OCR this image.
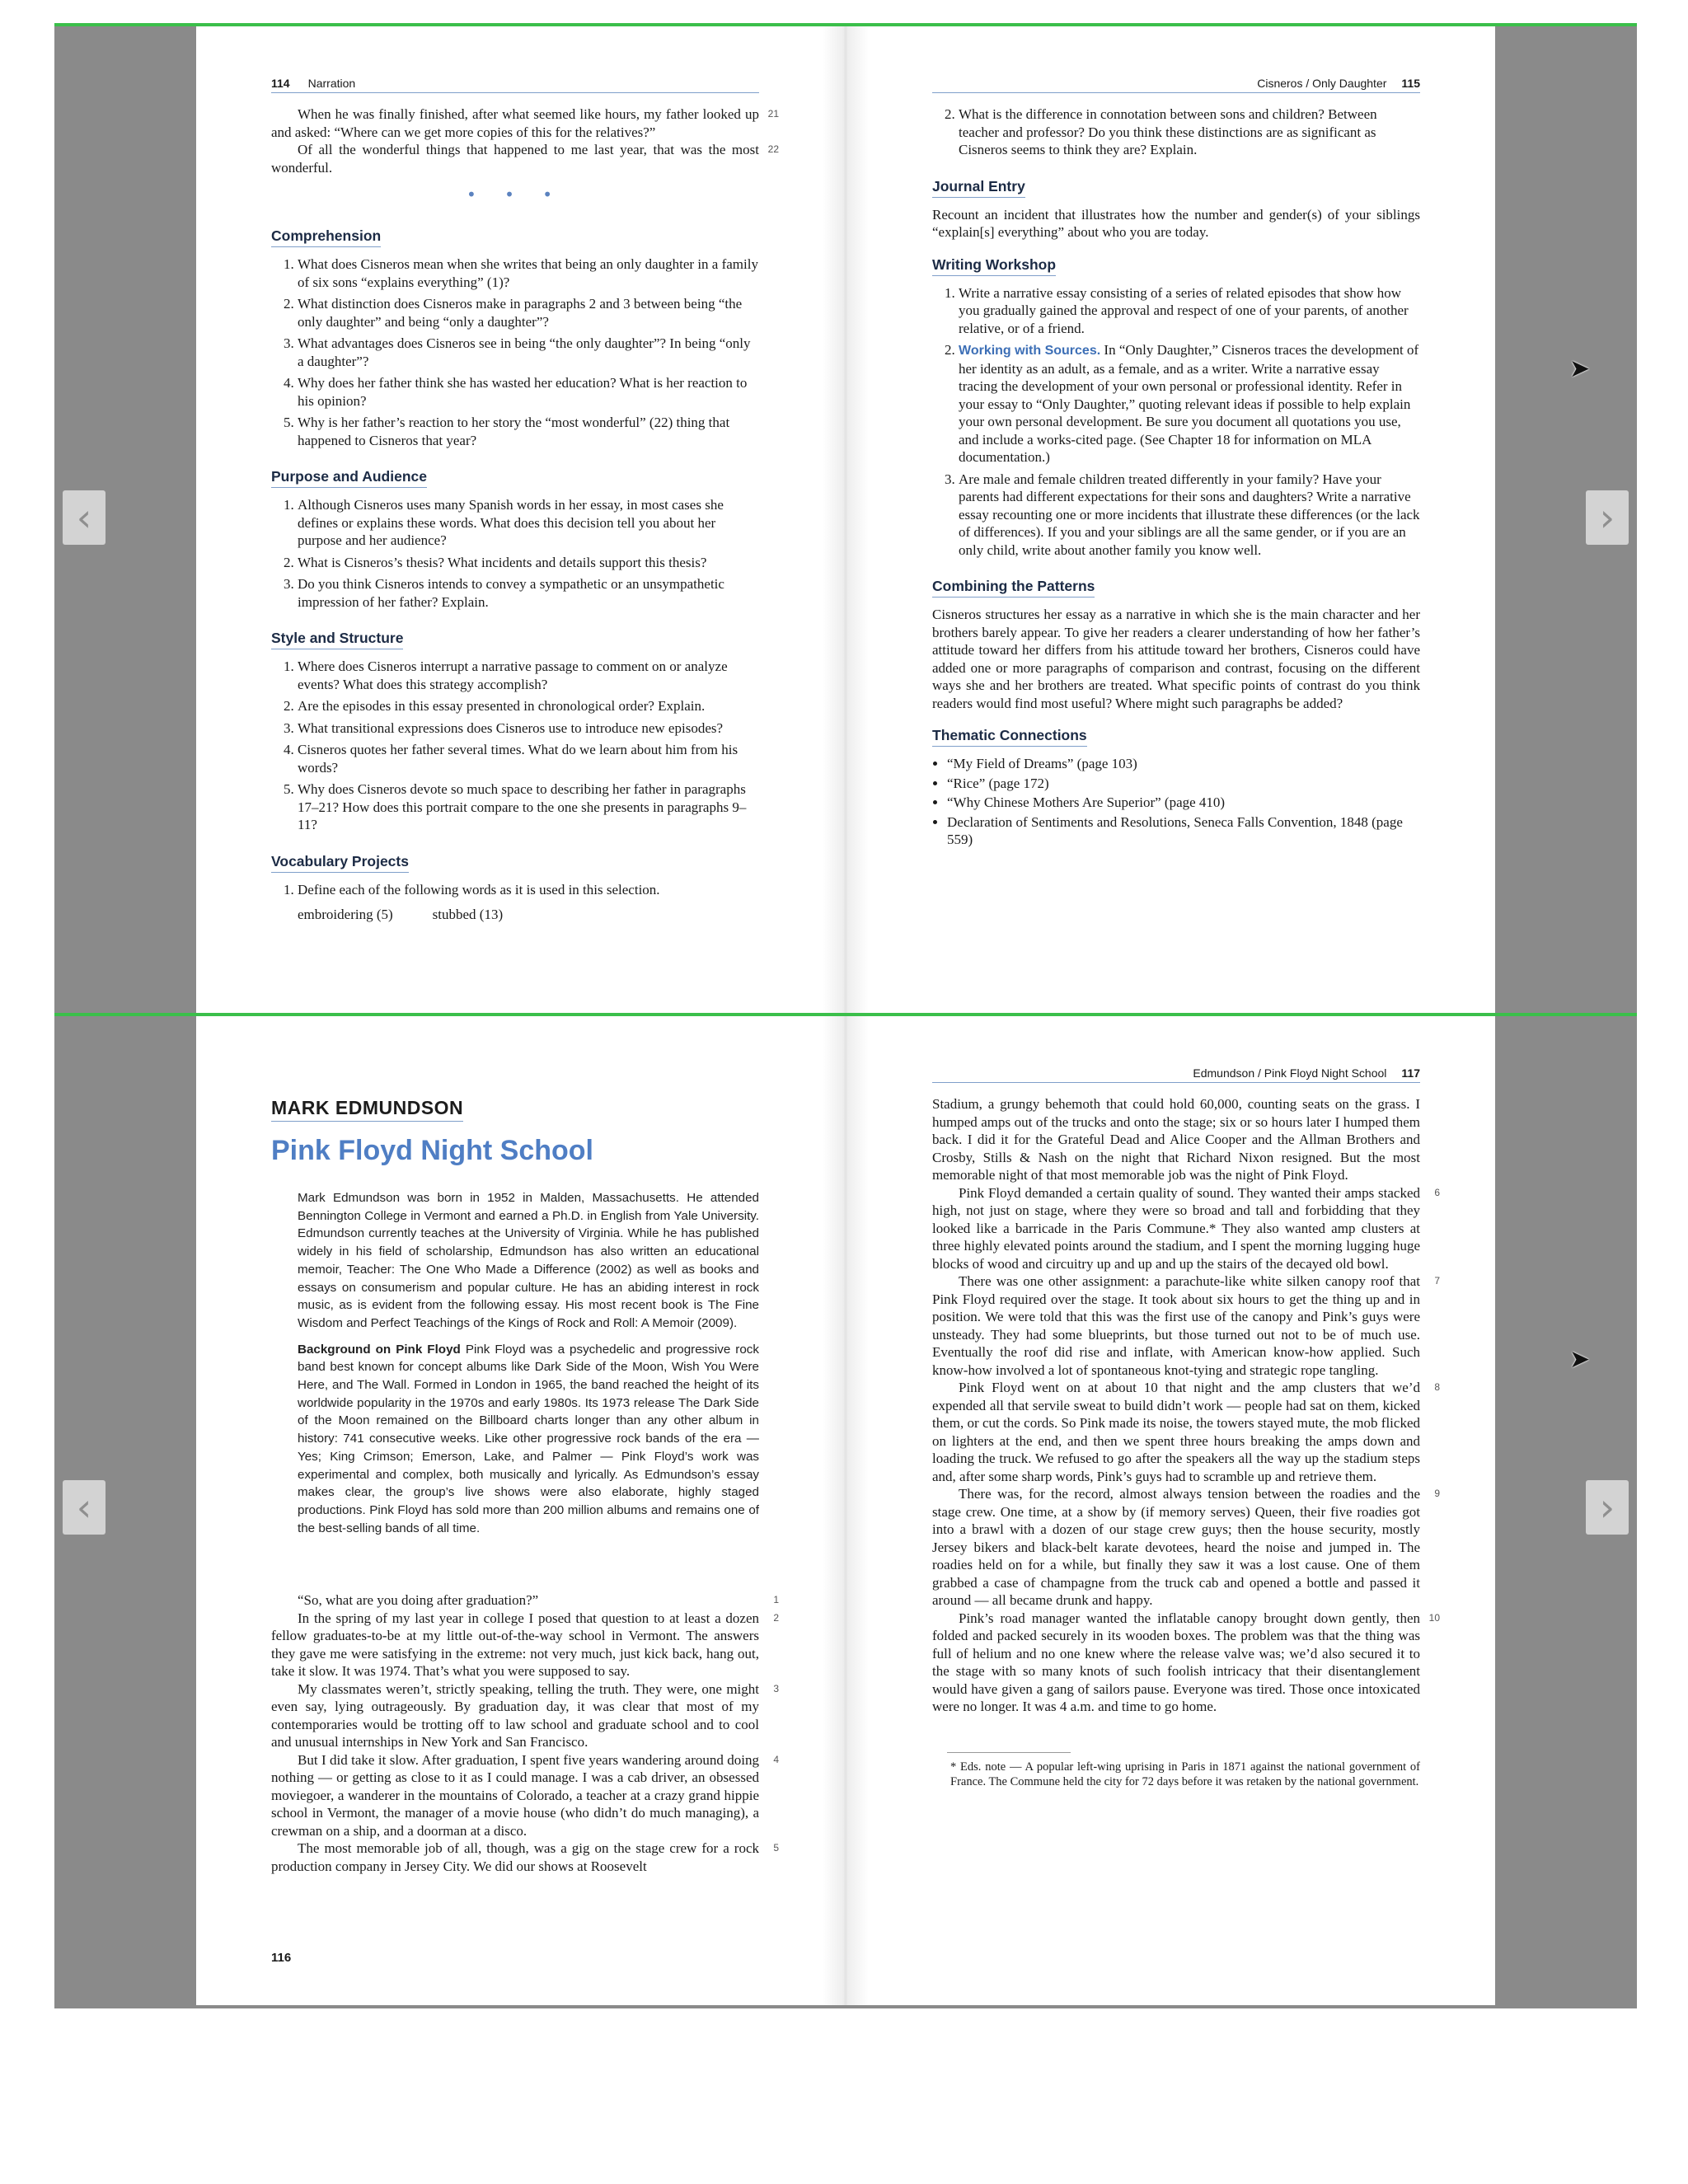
‹	›
114 Narration

When he was finally finished, after what seemed like hours, my father looked up and asked: “Where can we get more copies of this for the relatives?”
21

Of all the wonderful things that happened to me last year, that was the most wonderful.
22

• • •
Comprehension
1. What does Cisneros mean when she writes that being an only daughter in a family of six sons “explains everything” (1)?
2. What distinction does Cisneros make in paragraphs 2 and 3 between being “the only daughter” and being “only a daughter”?
3. What advantages does Cisneros see in being “the only daughter”? In being “only a daughter”?
4. Why does her father think she has wasted her education? What is her reaction to his opinion?
5. Why is her father’s reaction to her story the “most wonderful” (22) thing that happened to Cisneros that year?
Purpose and Audience
1. Although Cisneros uses many Spanish words in her essay, in most cases she defines or explains these words. What does this decision tell you about her purpose and her audience?
2. What is Cisneros’s thesis? What incidents and details support this thesis?
3. Do you think Cisneros intends to convey a sympathetic or an unsympathetic impression of her father? Explain.
Style and Structure
1. Where does Cisneros interrupt a narrative passage to comment on or analyze events? What does this strategy accomplish?
2. Are the episodes in this essay presented in chronological order? Explain.
3. What transitional expressions does Cisneros use to introduce new episodes?
4. Cisneros quotes her father several times. What do we learn about him from his words?
5. Why does Cisneros devote so much space to describing her father in paragraphs 17–21? How does this portrait compare to the one she presents in paragraphs 9–11?
Vocabulary Projects
1. Define each of the following words as it is used in this selection.
embroidering (5)	stubbed (13)
Cisneros / Only Daughter 115
2. What is the difference in connotation between sons and children? Between teacher and professor? Do you think these distinctions are as significant as Cisneros seems to think they are? Explain.
Journal Entry

Recount an incident that illustrates how the number and gender(s) of your siblings “explain[s] everything” about who you are today.

Writing Workshop
1. Write a narrative essay consisting of a series of related episodes that show how you gradually gained the approval and respect of one of your parents, of another relative, or of a friend.
2. Working with Sources. In “Only Daughter,” Cisneros traces the development of her identity as an adult, as a female, and as a writer. Write a narrative essay tracing the development of your own personal or professional identity. Refer in your essay to “Only Daughter,” quoting relevant ideas if possible to help explain your own personal development. Be sure you document all quotations you use, and include a works-cited page. (See Chapter 18 for information on MLA documentation.)
3. Are male and female children treated differently in your family? Have your parents had different expectations for their sons and daughters? Write a narrative essay recounting one or more incidents that illustrate these differences (or the lack of differences). If you and your siblings are all the same gender, or if you are an only child, write about another family you know well.
Combining the Patterns

Cisneros structures her essay as a narrative in which she is the main character and her brothers barely appear. To give her readers a clearer understanding of how her father’s attitude toward her differs from his attitude toward her brothers, Cisneros could have added one or more paragraphs of comparison and contrast, focusing on the different ways she and her brothers are treated. What specific points of contrast do you think readers would find most useful? Where might such paragraphs be added?

Thematic Connections
• “My Field of Dreams” (page 103)
• “Rice” (page 172)
• “Why Chinese Mothers Are Superior” (page 410)
• Declaration of Sentiments and Resolutions, Seneca Falls Convention, 1848 (page 559)
➤
‹	›
MARK EDMUNDSON
Pink Floyd Night School

Mark Edmundson was born in 1952 in Malden, Massachusetts. He attended Bennington College in Vermont and earned a Ph.D. in English from Yale University. Edmundson currently teaches at the University of Virginia. While he has published widely in his field of scholarship, Edmundson has also written an educational memoir, Teacher: The One Who Made a Difference (2002) as well as books and essays on consumerism and popular culture. He has an abiding interest in rock music, as is evident from the following essay. His most recent book is The Fine Wisdom and Perfect Teachings of the Kings of Rock and Roll: A Memoir (2009).

Background on Pink Floyd Pink Floyd was a psychedelic and progressive rock band best known for concept albums like Dark Side of the Moon, Wish You Were Here, and The Wall. Formed in London in 1965, the band reached the height of its worldwide popularity in the 1970s and early 1980s. Its 1973 release The Dark Side of the Moon remained on the Billboard charts longer than any other album in history: 741 consecutive weeks. Like other progressive rock bands of the era — Yes; King Crimson; Emerson, Lake, and Palmer — Pink Floyd’s work was experimental and complex, both musically and lyrically. As Edmundson’s essay makes clear, the group’s live shows were also elaborate, highly staged productions. Pink Floyd has sold more than 200 million albums and remains one of the best-selling bands of all time.

“So, what are you doing after graduation?”	1

In the spring of my last year in college I posed that question to at least a dozen fellow graduates-to-be at my little out-of-the-way school in Vermont. The answers they gave me were satisfying in the extreme: not very much, just kick back, hang out, take it slow. It was 1974. That’s what you were supposed to say.
2

My classmates weren’t, strictly speaking, telling the truth. They were, one might even say, lying outrageously. By graduation day, it was clear that most of my contemporaries would be trotting off to law school and graduate school and to cool and unusual internships in New York and San Francisco.
3

But I did take it slow. After graduation, I spent five years wandering around doing nothing — or getting as close to it as I could manage. I was a cab driver, an obsessed moviegoer, a wanderer in the mountains of Colorado, a teacher at a crazy grand hippie school in Vermont, the manager of a movie house (who didn’t do much managing), a crewman on a ship, and a doorman at a disco.
4

The most memorable job of all, though, was a gig on the stage crew for a rock production company in Jersey City. We did our shows at Roosevelt
5

116
Edmundson / Pink Floyd Night School 117

Stadium, a grungy behemoth that could hold 60,000, counting seats on the grass. I humped amps out of the trucks and onto the stage; six or so hours later I humped them back. I did it for the Grateful Dead and Alice Cooper and the Allman Brothers and Crosby, Stills & Nash on the night that Richard Nixon resigned. But the most memorable night of that most memorable job was the night of Pink Floyd.

Pink Floyd demanded a certain quality of sound. They wanted their amps stacked high, not just on stage, where they were so broad and tall and forbidding that they looked like a barricade in the Paris Commune.* They also wanted amp clusters at three highly elevated points around the stadium, and I spent the morning lugging huge blocks of wood and circuitry up and up and up the stairs of the decayed old bowl.
6

There was one other assignment: a parachute-like white silken canopy roof that Pink Floyd required over the stage. It took about six hours to get the thing up and in position. We were told that this was the first use of the canopy and Pink’s guys were unsteady. They had some blueprints, but those turned out not to be of much use. Eventually the roof did rise and inflate, with American know-how applied. Such know-how involved a lot of spontaneous knot-tying and strategic rope tangling.
7

Pink Floyd went on at about 10 that night and the amp clusters that we’d expended all that servile sweat to build didn’t work — people had sat on them, kicked them, or cut the cords. So Pink made its noise, the towers stayed mute, the mob flicked on lighters at the end, and then we spent three hours breaking the amps down and loading the truck. We refused to go after the speakers all the way up the stadium steps and, after some sharp words, Pink’s guys had to scramble up and retrieve them.
8

There was, for the record, almost always tension between the roadies and the stage crew. One time, at a show by (if memory serves) Queen, their five roadies got into a brawl with a dozen of our stage crew guys; then the house security, mostly Jersey bikers and black-belt karate devotees, heard the noise and jumped in. The roadies held on for a while, but finally they saw it was a lost cause. One of them grabbed a case of champagne from the truck cab and opened a bottle and passed it around — all became drunk and happy.
9

Pink’s road manager wanted the inflatable canopy brought down gently, then folded and packed securely in its wooden boxes. The problem was that the thing was full of helium and no one knew where the release valve was; we’d also secured it to the stage with so many knots of such foolish intricacy that their disentanglement would have given a gang of sailors pause. Everyone was tired. Those once intoxicated were no longer. It was 4 a.m. and time to go home.
10

* Eds. note — A popular left-wing uprising in Paris in 1871 against the national government of France. The Commune held the city for 72 days before it was retaken by the national government.

➤
